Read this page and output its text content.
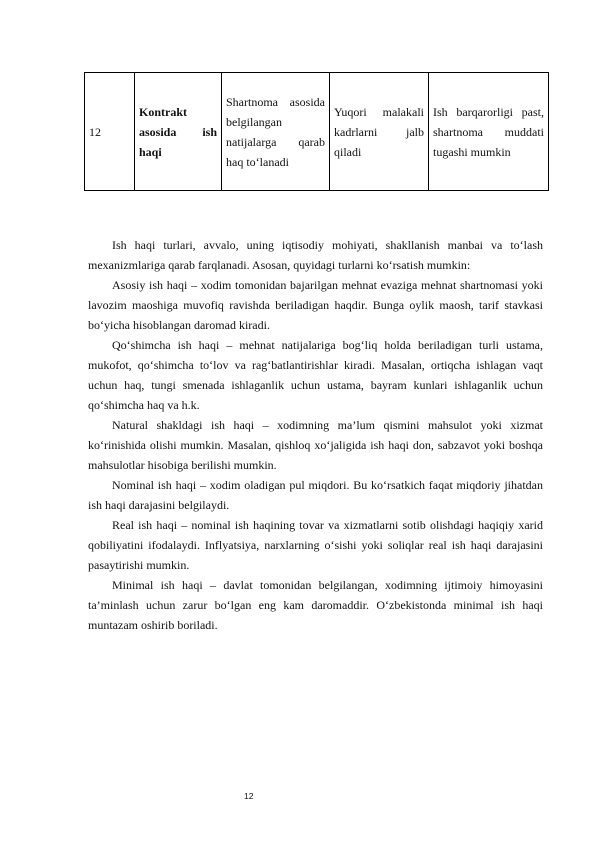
12	Kontrakt asosida ish haqi	Shartnoma asosida belgilangan natijalarga qarab haq to‘lanadi	Yuqori malakali kadrlarni jalb qiladi	Ish barqarorligi past, shartnoma muddati tugashi mumkin

Ish haqi turlari, avvalo, uning iqtisodiy mohiyati, shakllanish manbai va to‘lash mexanizmlariga qarab farqlanadi. Asosan, quyidagi turlarni ko‘rsatish mumkin:

Asosiy ish haqi – xodim tomonidan bajarilgan mehnat evaziga mehnat shartnomasi yoki lavozim maoshiga muvofiq ravishda beriladigan haqdir. Bunga oylik maosh, tarif stavkasi bo‘yicha hisoblangan daromad kiradi.

Qo‘shimcha ish haqi – mehnat natijalariga bog‘liq holda beriladigan turli ustama, mukofot, qo‘shimcha to‘lov va rag‘batlantirishlar kiradi. Masalan, ortiqcha ishlagan vaqt uchun haq, tungi smenada ishlaganlik uchun ustama, bayram kunlari ishlaganlik uchun qo‘shimcha haq va h.k.

Natural shakldagi ish haqi – xodimning ma’lum qismini mahsulot yoki xizmat ko‘rinishida olishi mumkin. Masalan, qishloq xo‘jaligida ish haqi don, sabzavot yoki boshqa mahsulotlar hisobiga berilishi mumkin.

Nominal ish haqi – xodim oladigan pul miqdori. Bu ko‘rsatkich faqat miqdoriy jihatdan ish haqi darajasini belgilaydi.

Real ish haqi – nominal ish haqining tovar va xizmatlarni sotib olishdagi haqiqiy xarid qobiliyatini ifodalaydi. Inflyatsiya, narxlarning o‘sishi yoki soliqlar real ish haqi darajasini pasaytirishi mumkin.

Minimal ish haqi – davlat tomonidan belgilangan, xodimning ijtimoiy himoyasini ta’minlash uchun zarur bo‘lgan eng kam daromaddir. O‘zbekistonda minimal ish haqi muntazam oshirib boriladi.

12
